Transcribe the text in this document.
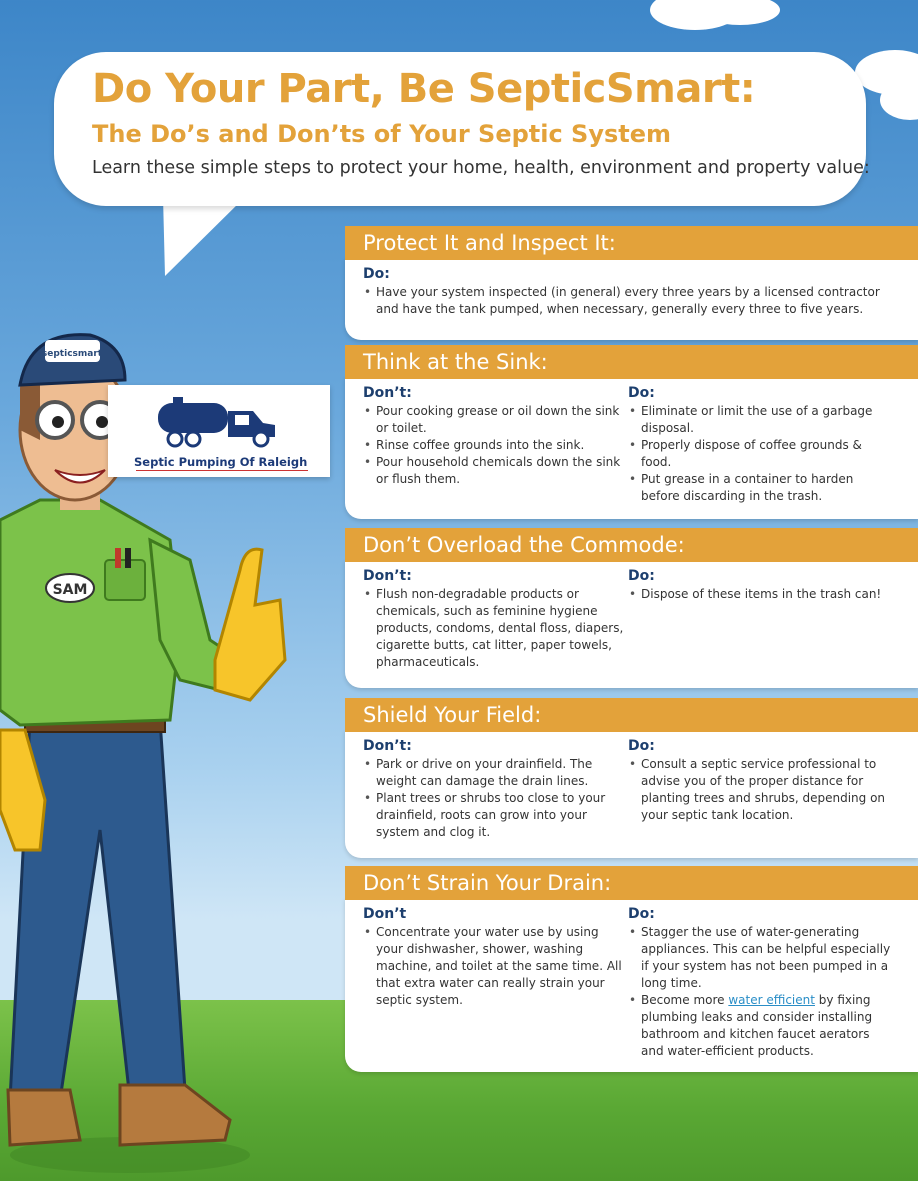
Do Your Part, Be SepticSmart:
The Do’s and Don’ts of Your Septic System
Learn these simple steps to protect your home, health, environment and property value:
SAM
septicsmart
Septic Pumping Of Raleigh
Protect It and Inspect It:
Do:
• Have your system inspected (in general) every three years by a licensed contractor and have the tank pumped, when necessary, generally every three to five years.
Think at the Sink:
Don’t:
• Pour cooking grease or oil down the sink or toilet.
• Rinse coffee grounds into the sink.
• Pour household chemicals down the sink or flush them.
Do:
• Eliminate or limit the use of a garbage disposal.
• Properly dispose of coffee grounds & food.
• Put grease in a container to harden before discarding in the trash.
Don’t Overload the Commode:
Don’t:
• Flush non-degradable products or chemicals, such as feminine hygiene products, condoms, dental floss, diapers, cigarette butts, cat litter, paper towels, pharmaceuticals.
Do:
• Dispose of these items in the trash can!
Shield Your Field:
Don’t:
• Park or drive on your drainfield. The weight can damage the drain lines.
• Plant trees or shrubs too close to your drainfield, roots can grow into your system and clog it.
Do:
• Consult a septic service professional to advise you of the proper distance for planting trees and shrubs, depending on your septic tank location.
Don’t Strain Your Drain:
Don’t
• Concentrate your water use by using your dishwasher, shower, washing machine, and toilet at the same time. All that extra water can really strain your septic system.
Do:
• Stagger the use of water-generating appliances. This can be helpful especially if your system has not been pumped in a long time.
• Become more water efficient by fixing plumbing leaks and consider installing bathroom and kitchen faucet aerators and water-efficient products.
